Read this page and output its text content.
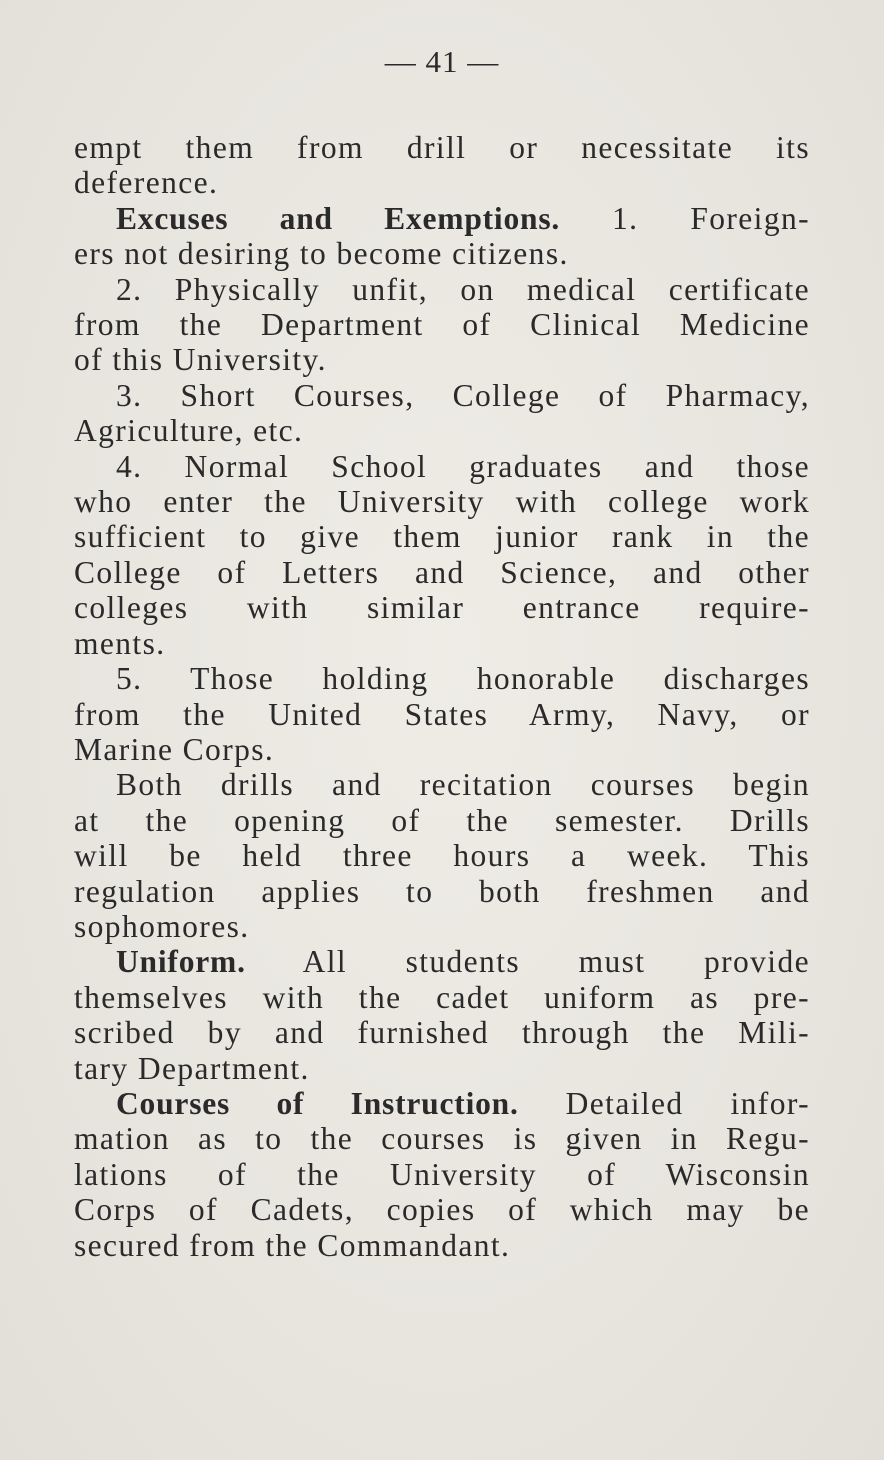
— 41 —
empt them from drill or necessitate its
deference.
Excuses and Exemptions. 1. Foreign-
ers not desiring to become citizens.
2. Physically unfit, on medical certificate
from the Department of Clinical Medicine
of this University.
3. Short Courses, College of Pharmacy,
Agriculture, etc.
4. Normal School graduates and those
who enter the University with college work
sufficient to give them junior rank in the
College of Letters and Science, and other
colleges with similar entrance require-
ments.
5. Those holding honorable discharges
from the United States Army, Navy, or
Marine Corps.
Both drills and recitation courses begin
at the opening of the semester. Drills
will be held three hours a week. This
regulation applies to both freshmen and
sophomores.
Uniform. All students must provide
themselves with the cadet uniform as pre-
scribed by and furnished through the Mili-
tary Department.
Courses of Instruction. Detailed infor-
mation as to the courses is given in Regu-
lations of the University of Wisconsin
Corps of Cadets, copies of which may be
secured from the Commandant.
